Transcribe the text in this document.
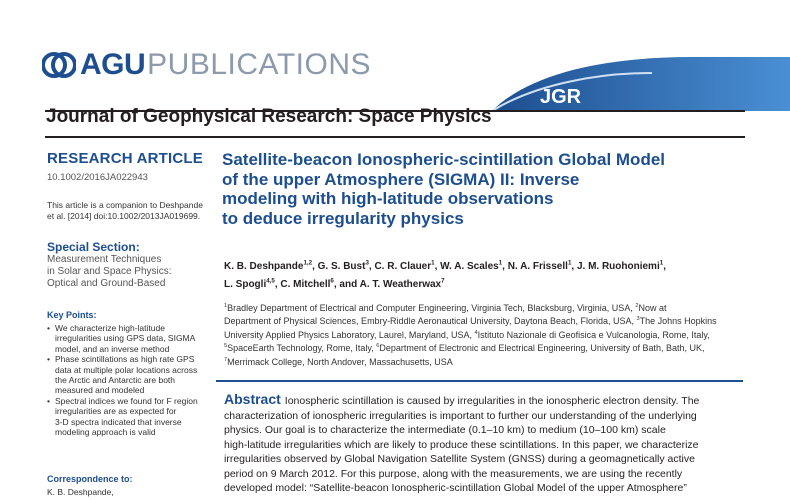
AGU PUBLICATIONS
JGR
Journal of Geophysical Research: Space Physics
RESEARCH ARTICLE
10.1002/2016JA022943
This article is a companion to Deshpande
et al. [2014] doi:10.1002/2013JA019699.
Special Section:
Measurement Techniques
in Solar and Space Physics:
Optical and Ground-Based
Key Points:
• We characterize high-latitude
irregularities using GPS data, SIGMA
model, and an inverse method
• Phase scintillations as high rate GPS
data at multiple polar locations across
the Arctic and Antarctic are both
measured and modeled
• Spectral indices we found for F region
irregularities are as expected for
3-D spectra indicated that inverse
modeling approach is valid
Correspondence to:
K. B. Deshpande,
Satellite-beacon Ionospheric-scintillation Global Model
of the upper Atmosphere (SIGMA) II: Inverse
modeling with high-latitude observations
to deduce irregularity physics
K. B. Deshpande$^{1,2}$, G. S. Bust$^3$, C. R. Clauer$^1$, W. A. Scales$^1$, N. A. Frissell$^1$, J. M. Ruohoniemi$^1$,
L. Spogli$^{4,5}$, C. Mitchell$^6$, and A. T. Weatherwax$^7$
$^1$Bradley Department of Electrical and Computer Engineering, Virginia Tech, Blacksburg, Virginia, USA, $^2$Now at
Department of Physical Sciences, Embry-Riddle Aeronautical University, Daytona Beach, Florida, USA, $^3$The Johns Hopkins
University Applied Physics Laboratory, Laurel, Maryland, USA, $^4$Istituto Nazionale di Geofisica e Vulcanologia, Rome, Italy,
$^5$SpaceEarth Technology, Rome, Italy, $^6$Department of Electronic and Electrical Engineering, University of Bath, Bath, UK,
$^7$Merrimack College, North Andover, Massachusetts, USA
Abstract Ionospheric scintillation is caused by irregularities in the ionospheric electron density. The
characterization of ionospheric irregularities is important to further our understanding of the underlying
physics. Our goal is to characterize the intermediate (0.1–10 km) to medium (10–100 km) scale
high-latitude irregularities which are likely to produce these scintillations. In this paper, we characterize
irregularities observed by Global Navigation Satellite System (GNSS) during a geomagnetically active
period on 9 March 2012. For this purpose, along with the measurements, we are using the recently
developed model: “Satellite-beacon Ionospheric-scintillation Global Model of the upper Atmosphere”
